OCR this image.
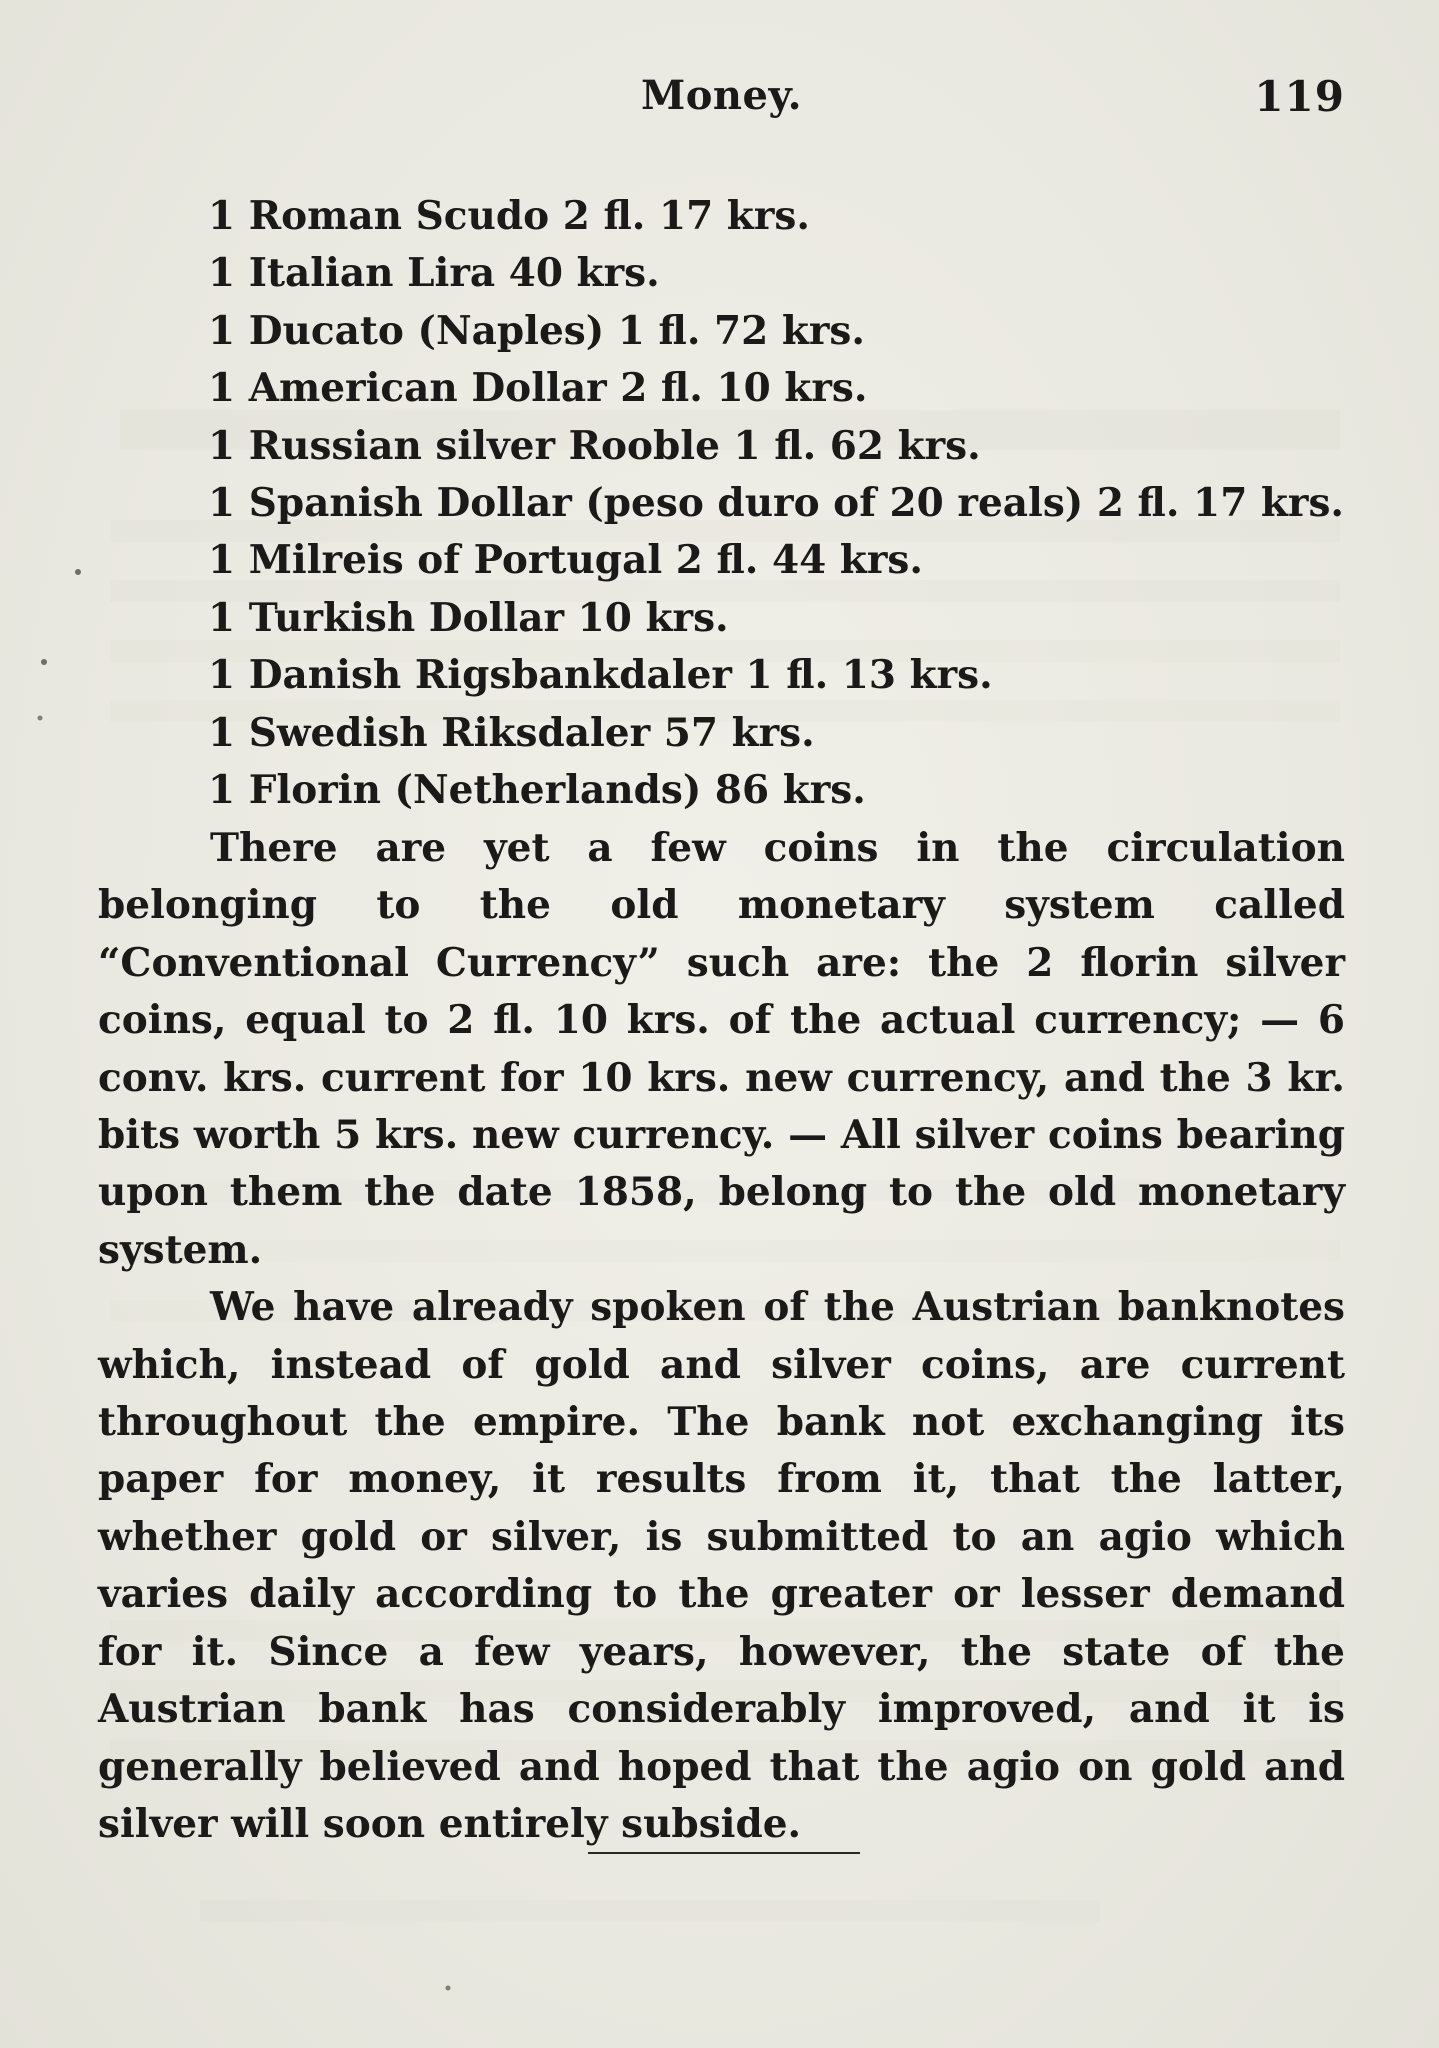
Money.	119
1 Roman Scudo 2 fl. 17 krs.
1 Italian Lira 40 krs.
1 Ducato (Naples) 1 fl. 72 krs.
1 American Dollar 2 fl. 10 krs.
1 Russian silver Rooble 1 fl. 62 krs.
1 Spanish Dollar (peso duro of 20 reals) 2 fl. 17 krs.
1 Milreis of Portugal 2 fl. 44 krs.
1 Turkish Dollar 10 krs.
1 Danish Rigsbankdaler 1 fl. 13 krs.
1 Swedish Riksdaler 57 krs.
1 Florin (Netherlands) 86 krs.

There are yet a few coins in the circulation belonging to the old monetary system called “Conventional Currency” such are: the 2 florin silver coins, equal to 2 fl. 10 krs. of the actual currency; — 6 conv. krs. current for 10 krs. new currency, and the 3 kr. bits worth 5 krs. new currency. — All silver coins bearing upon them the date 1858, belong to the old monetary system.

We have already spoken of the Austrian banknotes which, instead of gold and silver coins, are current throughout the empire. The bank not exchanging its paper for money, it results from it, that the latter, whether gold or silver, is submitted to an agio which varies daily according to the greater or lesser demand for it. Since a few years, however, the state of the Austrian bank has considerably improved, and it is generally believed and hoped that the agio on gold and silver will soon entirely subside.
